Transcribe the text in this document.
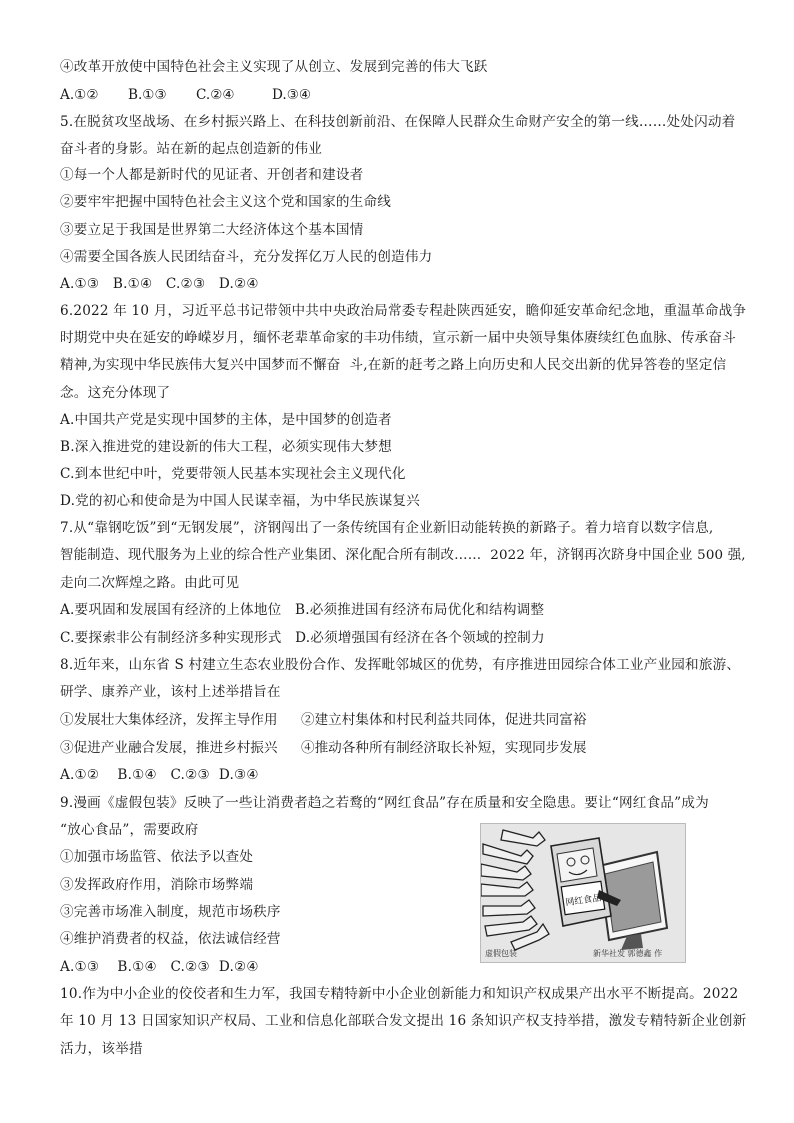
④改革开放使中国特色社会主义实现了从创立、发展到完善的伟大飞跃
A.①② B.①③ C.②④	D.③④
5.在脱贫攻坚战场、在乡村振兴路上、在科技创新前沿、在保障人民群众生命财产安全的第一线……处处闪动着
奋斗者的身影。站在新的起点创造新的伟业
①每一个人都是新时代的见证者、开创者和建设者
②要牢牢把握中国特色社会主义这个党和国家的生命线
③要立足于我国是世界第二大经济体这个基本国情
④需要全国各族人民团结奋斗，充分发挥亿万人民的创造伟力
A.①③   B.①④   C.②③   D.②④
6.2022 年 10 月，习近平总书记带领中共中央政治局常委专程赴陕西延安，瞻仰延安革命纪念地，重温革命战争
时期党中央在延安的峥嵘岁月，缅怀老辈革命家的丰功伟绩，宣示新一届中央领导集体赓续红色血脉、传承奋斗
精神,为实现中华民族伟大复兴中国梦而不懈奋  斗,在新的赶考之路上向历史和人民交出新的优异答卷的坚定信
念。这充分体现了
A.中国共产党是实现中国梦的主体，是中国梦的创造者
B.深入推进党的建设新的伟大工程，必须实现伟大梦想
C.到本世纪中叶，党要带领人民基本实现社会主义现代化
D.党的初心和使命是为中国人民谋幸福，为中华民族谋复兴
7.从“靠钢吃饭”到“无钢发展”，济钢闯出了一条传统国有企业新旧动能转换的新路子。着力培育以数字信息,
智能制造、现代服务为上业的综合性产业集团、深化配合所有制改……  2022 年，济钢再次跻身中国企业 500 强,
走向二次辉煌之路。由此可见
A.要巩固和发展国有经济的上体地位   B.必须推进国有经济布局优化和结构调整
C.要探索非公有制经济多种实现形式   D.必须增强国有经济在各个领域的控制力
8.近年来，山东省 S 村建立生态农业股份合作、发挥毗邻城区的优势，有序推进田园综合体工业产业园和旅游、
研学、康养产业，该村上述举措旨在
①发展壮大集体经济，发挥主导作用 ②建立村集体和村民利益共同体，促进共同富裕
③促进产业融合发展，推进乡村振兴 ④推动各种所有制经济取长补短，实现同步发展
A.①②    B.①④   C.②③  D.③④
9.漫画《虚假包装》反映了一些让消费者趋之若鹜的“网红食品”存在质量和安全隐患。要让“网红食品”成为
“放心食品”，需要政府
①加强市场监管、依法予以查处
③发挥政府作用，消除市场弊端
③完善市场准入制度，规范市场秩序
④维护消费者的权益，依法诚信经营
A.①③    B.①④   C.②③  D.②④
网红食品
虚假包装	新华社发 郭德鑫 作
10.作为中小企业的佼佼者和生力军，我国专精特新中小企业创新能力和知识产权成果产出水平不断提高。2022
年 10 月 13 日国家知识产权局、工业和信息化部联合发文提出 16 条知识产权支持举措，激发专精特新企业创新
活力，该举措
